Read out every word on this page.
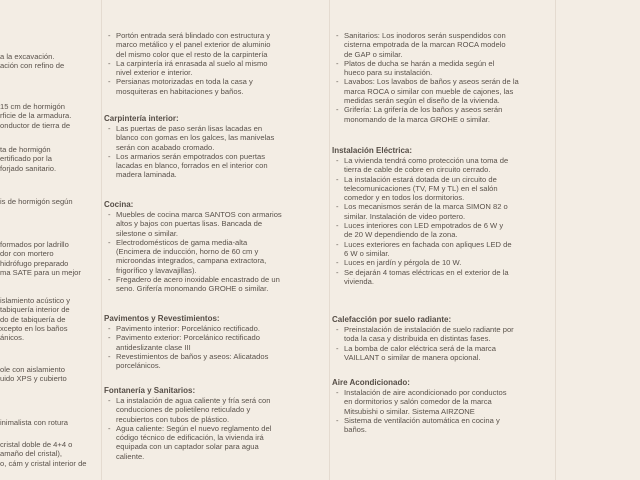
a la excavación.
ación con refino de
15 cm de hormigón
rficie de la armadura.
onductor de tierra de
ta de hormigón
ertificado por la
forjado sanitario.
is de hormigón según
formados por ladrillo
dor con mortero
hidrófugo preparado
ma SATE para un mejor
islamiento acústico y
tabiquería interior de
do de tabiquería de
xcepto en los baños
ánicos.
ole con aislamiento
uido XPS y cubierto
inimalista con rotura
cristal doble de 4+4 o
amaño del cristal),
o, cám y cristal interior de
- Portón entrada será blindado con estructura y
marco metálico y el panel exterior de aluminio
del mismo color que el resto de la carpintería
- La carpintería irá enrasada al suelo al mismo
nivel exterior e interior.
- Persianas motorizadas en toda la casa y
mosquiteras en habitaciones y baños.
Carpintería interior:
- Las puertas de paso serán lisas lacadas en
blanco con gomas en los galces, las manivelas
serán con acabado cromado.
- Los armarios serán empotrados con puertas
lacadas en blanco, forrados en el interior con
madera laminada.
Cocina:
- Muebles de cocina marca SANTOS con armarios
altos y bajos con puertas lisas. Bancada de
silestone o similar.
- Electrodomésticos de gama media-alta
(Encimera de inducción, horno de 60 cm y
microondas integrados, campana extractora,
frigorífico y lavavajillas).
- Fregadero de acero inoxidable encastrado de un
seno. Grifería monomando GROHE o similar.
Pavimentos y Revestimientos:
- Pavimento interior: Porcelánico rectificado.
- Pavimento exterior: Porcelánico rectificado
antideslizante clase III
- Revestimientos de baños y aseos: Alicatados
porcelánicos.
Fontanería y Sanitarios:
- La instalación de agua caliente y fría será con
conducciones de polietileno reticulado y
recubiertos con tubos de plástico.
- Agua caliente: Según el nuevo reglamento del
código técnico de edificación, la vivienda irá
equipada con un captador solar para agua
caliente.
- Sanitarios: Los inodoros serán suspendidos con
cisterna empotrada de la marcan ROCA modelo
de GAP o similar.
- Platos de ducha se harán a medida según el
hueco para su instalación.
- Lavabos: Los lavabos de baños y aseos serán de la
marca ROCA o similar con mueble de cajones, las
medidas serán según el diseño de la vivienda.
- Grifería: La grifería de los baños y aseos serán
monomando de la marca GROHE o similar.
Instalación Eléctrica:
- La vivienda tendrá como protección una toma de
tierra de cable de cobre en circuito cerrado.
- La instalación estará dotada de un circuito de
telecomunicaciones (TV, FM y TL) en el salón
comedor y en todos los dormitorios.
- Los mecanismos serán de la marca SIMON 82 o
similar. Instalación de video portero.
- Luces interiores con LED empotrados de 6 W y
de 20 W dependiendo de la zona.
- Luces exteriores en fachada con apliques LED de
6 W o similar.
- Luces en jardín y pérgola de 10 W.
- Se dejarán 4 tomas eléctricas en el exterior de la
vivienda.
Calefacción por suelo radiante:
- Preinstalación de instalación de suelo radiante por
toda la casa y distribuida en distintas fases.
- La bomba de calor eléctrica será de la marca
VAILLANT o similar de manera opcional.
Aire Acondicionado:
- Instalación de aire acondicionado por conductos
en dormitorios y salón comedor de la marca
Mitsubishi o similar. Sistema AIRZONE
- Sistema de ventilación automática en cocina y
baños.
